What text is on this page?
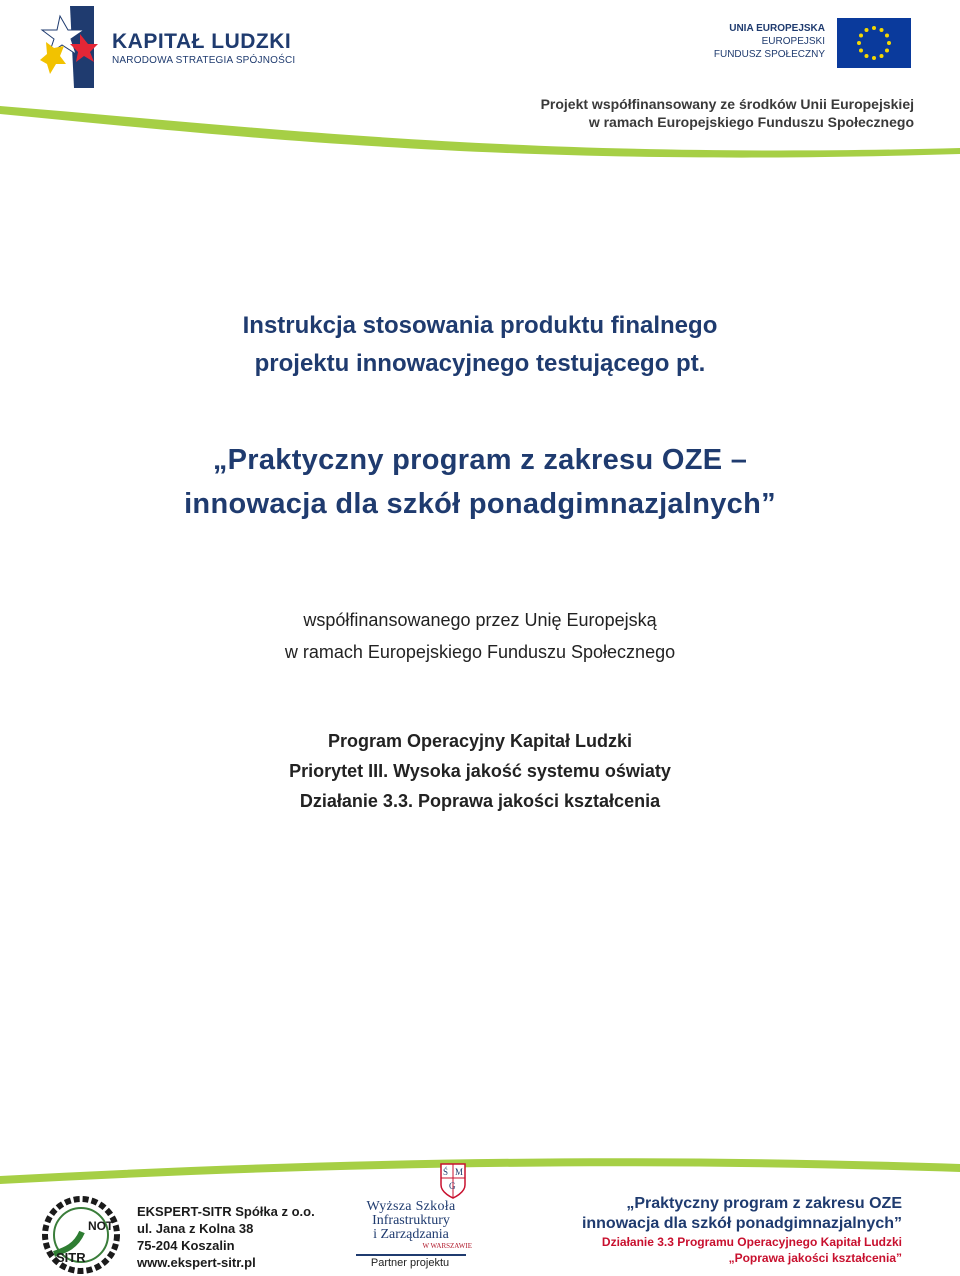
KAPITAŁ LUDZKI
NARODOWA STRATEGIA SPÓJNOŚCI
UNIA EUROPEJSKA
EUROPEJSKI
FUNDUSZ SPOŁECZNY
Projekt współfinansowany ze środków Unii Europejskiej
w ramach Europejskiego Funduszu Społecznego
Instrukcja stosowania produktu finalnego
projektu innowacyjnego testującego pt.
„Praktyczny program z zakresu OZE –
innowacja dla szkół ponadgimnazjalnych”
współfinansowanego przez Unię Europejską
w ramach Europejskiego Funduszu Społecznego
Program Operacyjny Kapitał Ludzki
Priorytet III. Wysoka jakość systemu oświaty
Działanie 3.3. Poprawa jakości kształcenia
NOT
SITR
EKSPERT-SITR Spółka z o.o.
ul. Jana z Kolna 38
75-204 Koszalin
www.ekspert-sitr.pl
Ś M
G
Wyższa Szkoła
Infrastruktury
i Zarządzania
W WARSZAWIE
Partner projektu
„Praktyczny program z zakresu OZE
innowacja dla szkół ponadgimnazjalnych”
Działanie 3.3 Programu Operacyjnego Kapitał Ludzki
„Poprawa jakości kształcenia”
